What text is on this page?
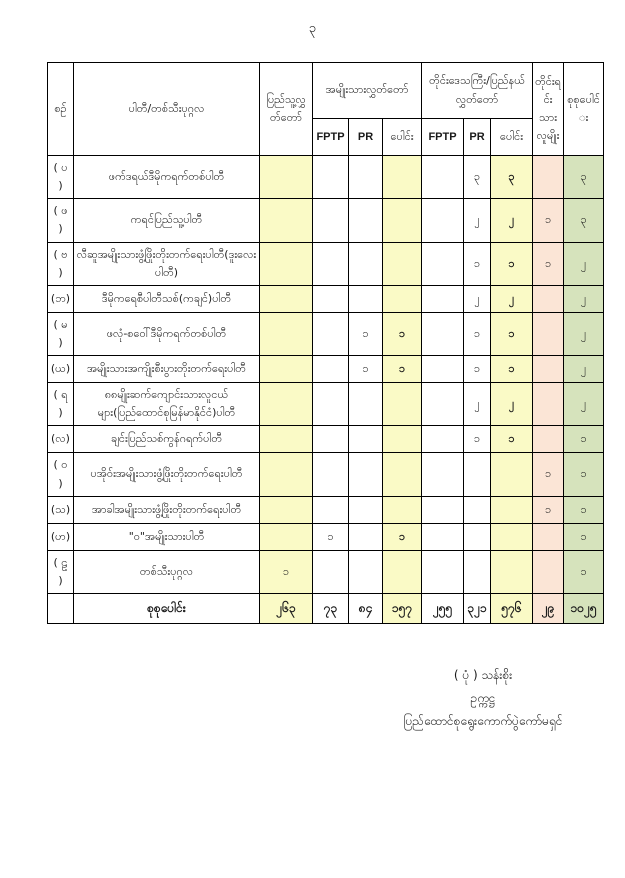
၃
စဉ်	ပါတီ/တစ်သီးပုဂ္ဂလ	ပြည်သူ့လွှတ်တော်	အမျိုးသားလွှတ်တော်			တိုင်းဒေသကြီး/ပြည်နယ်လွှတ်တော်			တိုင်းရင်းသားလူမျိုး	စုစုပေါင်း
			FPTP	PR	ပေါင်း	FPTP	PR	ပေါင်း		
( ပ )	ဖက်ဒရယ်ဒီမိုကရက်တစ်ပါတီ						၃	၃		၃
( ဖ )	ကရင်ပြည်သူ့ပါတီ						၂	၂	၁	၃
( ဗ )	လီဆူအမျိုးသားဖွံ့ဖြိုးတိုးတက်ရေးပါတီ(ဒူးလေးပါတီ)						၁	၁	၁	၂
(ဘ)	ဒီမိုကရေစီပါတီသစ်(ကချင်)ပါတီ						၂	၂		၂
( မ )	ဖလုံ-စဝေါ်ဒီမိုကရက်တစ်ပါတီ			၁	၁		၁	၁		၂
(ယ)	အမျိုးသားအကျိုးစီးပွားတိုးတက်ရေးပါတီ			၁	၁		၁	၁		၂
( ရ )	၈၈မျိုးဆက်ကျောင်းသားလူငယ်များ(ပြည်ထောင်စုမြန်မာနိုင်ငံ)ပါတီ						၂	၂		၂
(လ)	ချင်းပြည်သစ်ကွန်ဂရက်ပါတီ						၁	၁		၁
( ဝ )	ပအိုဝ်းအမျိုးသားဖွံ့ဖြိုးတိုးတက်ရေးပါတီ								၁	၁
(သ)	အာခါအမျိုးသားဖွံ့ဖြိုးတိုးတက်ရေးပါတီ								၁	၁
(ဟ)	"ဝ"အမျိုးသားပါတီ		၁		၁					၁
( ဠ )	တစ်သီးပုဂ္ဂလ	၁								၁
	စုစုပေါင်း	၂၆၃	၇၃	၈၄	၁၅၇	၂၅၅	၃၂၁	၅၇၆	၂၉	၁၀၂၅
( ပုံ ) သန်းစိုး
ဥက္ကဋ္ဌ
ပြည်ထောင်စုရွေးကောက်ပွဲကော်မရှင်
